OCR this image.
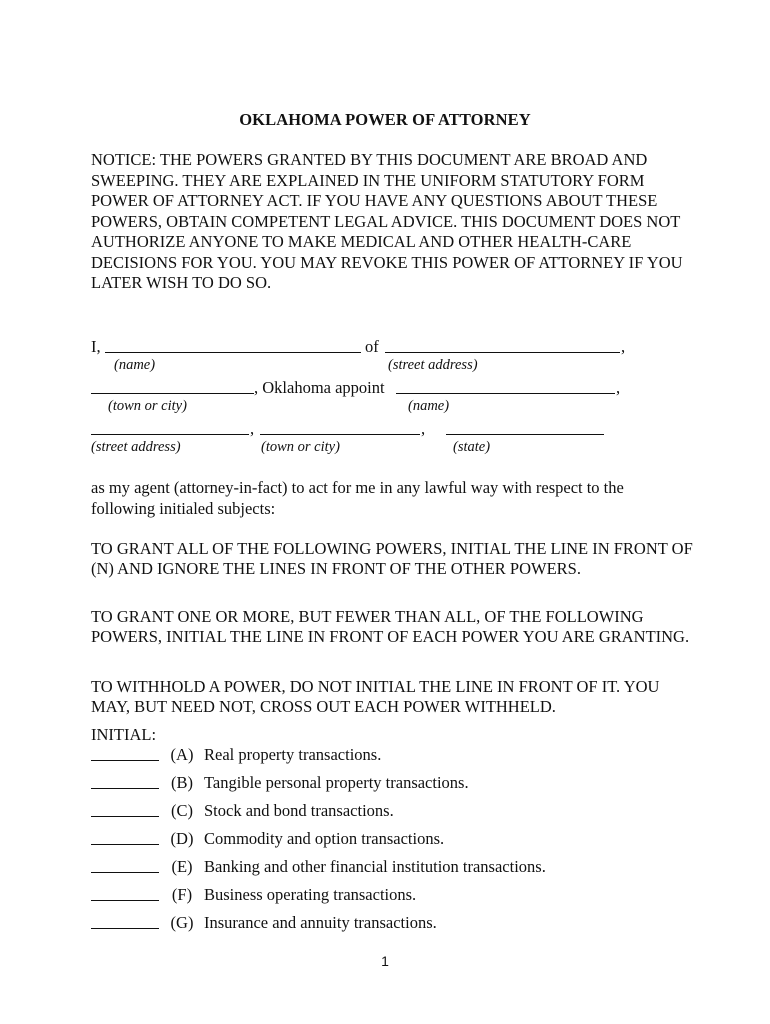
OKLAHOMA POWER OF ATTORNEY

NOTICE: THE POWERS GRANTED BY THIS DOCUMENT ARE BROAD AND SWEEPING. THEY ARE EXPLAINED IN THE UNIFORM STATUTORY FORM POWER OF ATTORNEY ACT. IF YOU HAVE ANY QUESTIONS ABOUT THESE POWERS, OBTAIN COMPETENT LEGAL ADVICE. THIS DOCUMENT DOES NOT AUTHORIZE ANYONE TO MAKE MEDICAL AND OTHER HEALTH-CARE DECISIONS FOR YOU. YOU MAY REVOKE THIS POWER OF ATTORNEY IF YOU LATER WISH TO DO SO.

I,	of	,
(name)	(street address)
, Oklahoma appoint	,
(town or city)	(name)
,	,
(street address)	(town or city)	(state)

as my agent (attorney-in-fact) to act for me in any lawful way with respect to the following initialed subjects:

TO GRANT ALL OF THE FOLLOWING POWERS, INITIAL THE LINE IN FRONT OF (N) AND IGNORE THE LINES IN FRONT OF THE OTHER POWERS.

TO GRANT ONE OR MORE, BUT FEWER THAN ALL, OF THE FOLLOWING POWERS, INITIAL THE LINE IN FRONT OF EACH POWER YOU ARE GRANTING.

TO WITHHOLD A POWER, DO NOT INITIAL THE LINE IN FRONT OF IT. YOU MAY, BUT NEED NOT, CROSS OUT EACH POWER WITHHELD.

INITIAL:
(A) Real property transactions.
(B) Tangible personal property transactions.
(C) Stock and bond transactions.
(D) Commodity and option transactions.
(E) Banking and other financial institution transactions.
(F) Business operating transactions.
(G) Insurance and annuity transactions.
1
